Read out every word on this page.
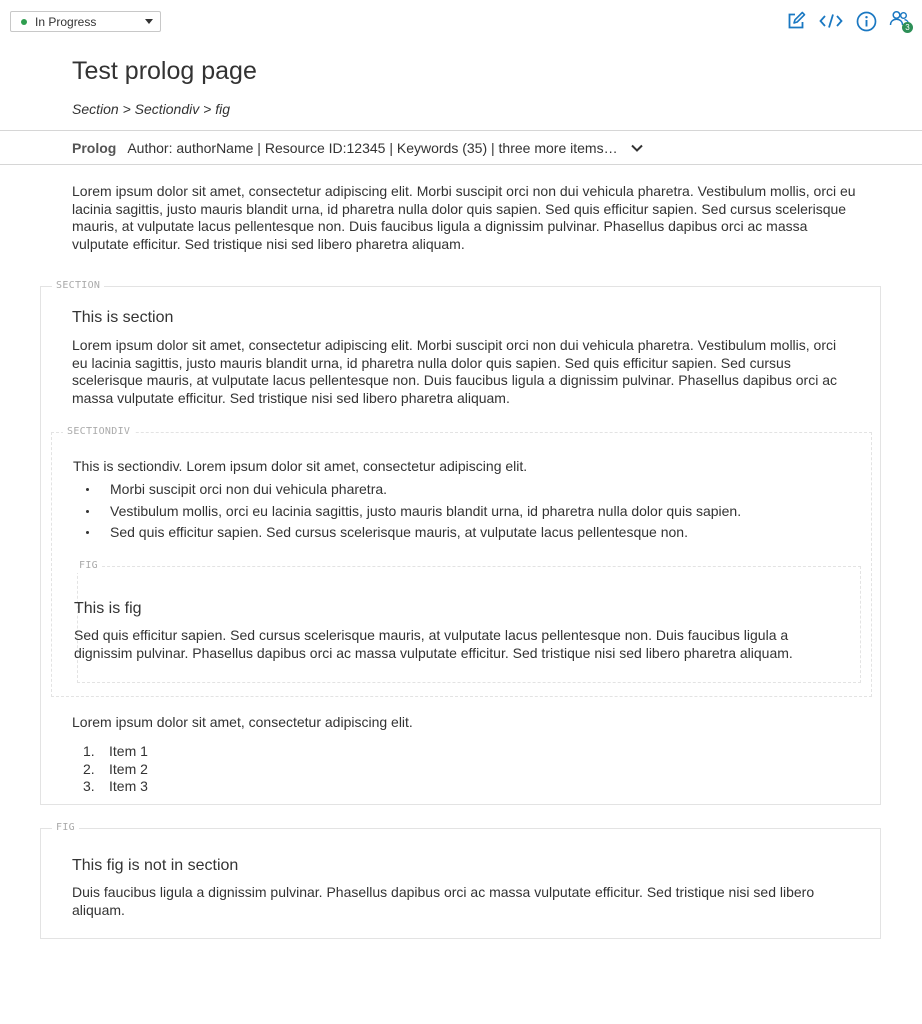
In Progress	3
Test prolog page
Section > Sectiondiv > fig
Prolog Author: authorName | Resource ID:12345 | Keywords (35) | three more items…

Lorem ipsum dolor sit amet, consectetur adipiscing elit. Morbi suscipit orci non dui vehicula pharetra. Vestibulum mollis, orci eu lacinia sagittis, justo mauris blandit urna, id pharetra nulla dolor quis sapien. Sed quis efficitur sapien. Sed cursus scelerisque mauris, at vulputate lacus pellentesque non. Duis faucibus ligula a dignissim pulvinar. Phasellus dapibus orci ac massa vulputate efficitur. Sed tristique nisi sed libero pharetra aliquam.

SECTION
This is section

Lorem ipsum dolor sit amet, consectetur adipiscing elit. Morbi suscipit orci non dui vehicula pharetra. Vestibulum mollis, orci eu lacinia sagittis, justo mauris blandit urna, id pharetra nulla dolor quis sapien. Sed quis efficitur sapien. Sed cursus scelerisque mauris, at vulputate lacus pellentesque non. Duis faucibus ligula a dignissim pulvinar. Phasellus dapibus orci ac massa vulputate efficitur. Sed tristique nisi sed libero pharetra aliquam.

SECTIONDIV
This is sectiondiv. Lorem ipsum dolor sit amet, consectetur adipiscing elit.
Morbi suscipit orci non dui vehicula pharetra.
Vestibulum mollis, orci eu lacinia sagittis, justo mauris blandit urna, id pharetra nulla dolor quis sapien.
Sed quis efficitur sapien. Sed cursus scelerisque mauris, at vulputate lacus pellentesque non.
FIG
This is fig

Sed quis efficitur sapien. Sed cursus scelerisque mauris, at vulputate lacus pellentesque non. Duis faucibus ligula a dignissim pulvinar. Phasellus dapibus orci ac massa vulputate efficitur. Sed tristique nisi sed libero pharetra aliquam.

Lorem ipsum dolor sit amet, consectetur adipiscing elit.
1.	Item 1
2.	Item 2
3.	Item 3
FIG
This fig is not in section

Duis faucibus ligula a dignissim pulvinar. Phasellus dapibus orci ac massa vulputate efficitur. Sed tristique nisi sed libero aliquam.
